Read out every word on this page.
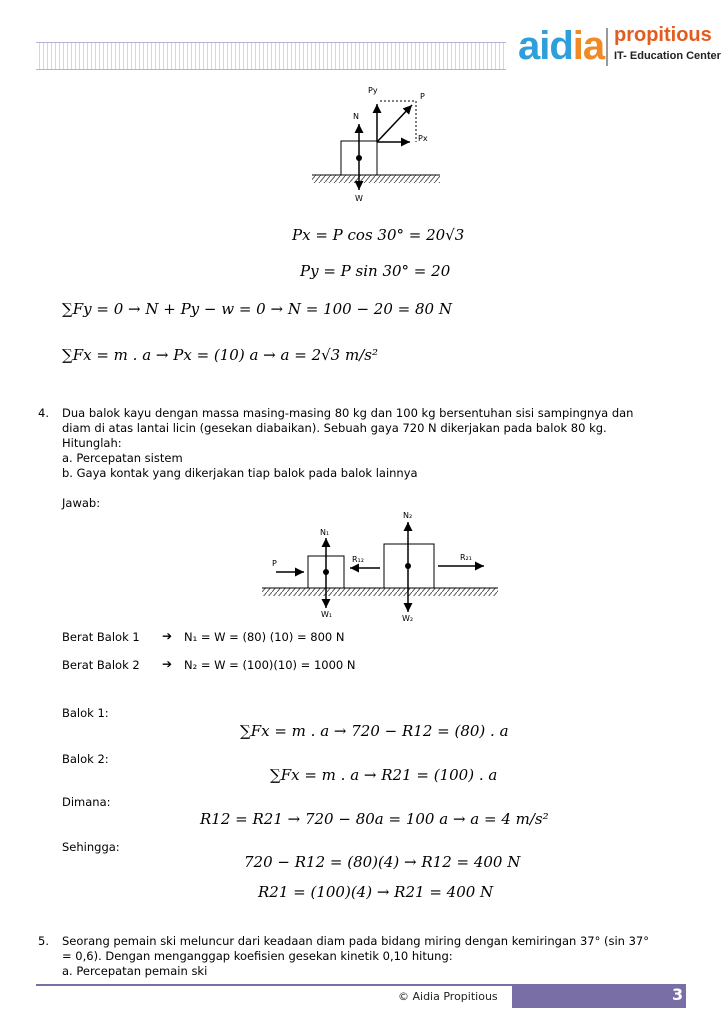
aidia propitious
IT- Education Center
Py
P
N
Px
W
Px = P cos 30° = 20√3
Py = P sin 30° = 20
∑Fy = 0 → N + Py − w = 0 → N = 100 − 20 = 80 N
∑Fx = m . a → Px = (10) a → a = 2√3 m/s²
4. Dua balok kayu dengan massa masing-masing 80 kg dan 100 kg bersentuhan sisi sampingnya dan
diam di atas lantai licin (gesekan diabaikan). Sebuah gaya 720 N dikerjakan pada balok 80 kg.
Hitunglah:
a. Percepatan sistem
b. Gaya kontak yang dikerjakan tiap balok pada balok lainnya
Jawab:
N₁
N₂
P	R₁₂	R₂₁
W₁	W₂
Berat Balok 1 ➔ N₁ = W = (80) (10) = 800 N
Berat Balok 2 ➔ N₂ = W = (100)(10) = 1000 N
Balok 1:
∑Fx = m . a → 720 − R12 = (80) . a
Balok 2:
∑Fx = m . a → R21 = (100) . a
Dimana:
R12 = R21 → 720 − 80a = 100 a → a = 4 m/s²
Sehingga:
720 − R12 = (80)(4) → R12 = 400 N
R21 = (100)(4) → R21 = 400 N
5. Seorang pemain ski meluncur dari keadaan diam pada bidang miring dengan kemiringan 37° (sin 37°
= 0,6). Dengan menganggap koefisien gesekan kinetik 0,10 hitung:
a. Percepatan pemain ski
© Aidia Propitious	3
